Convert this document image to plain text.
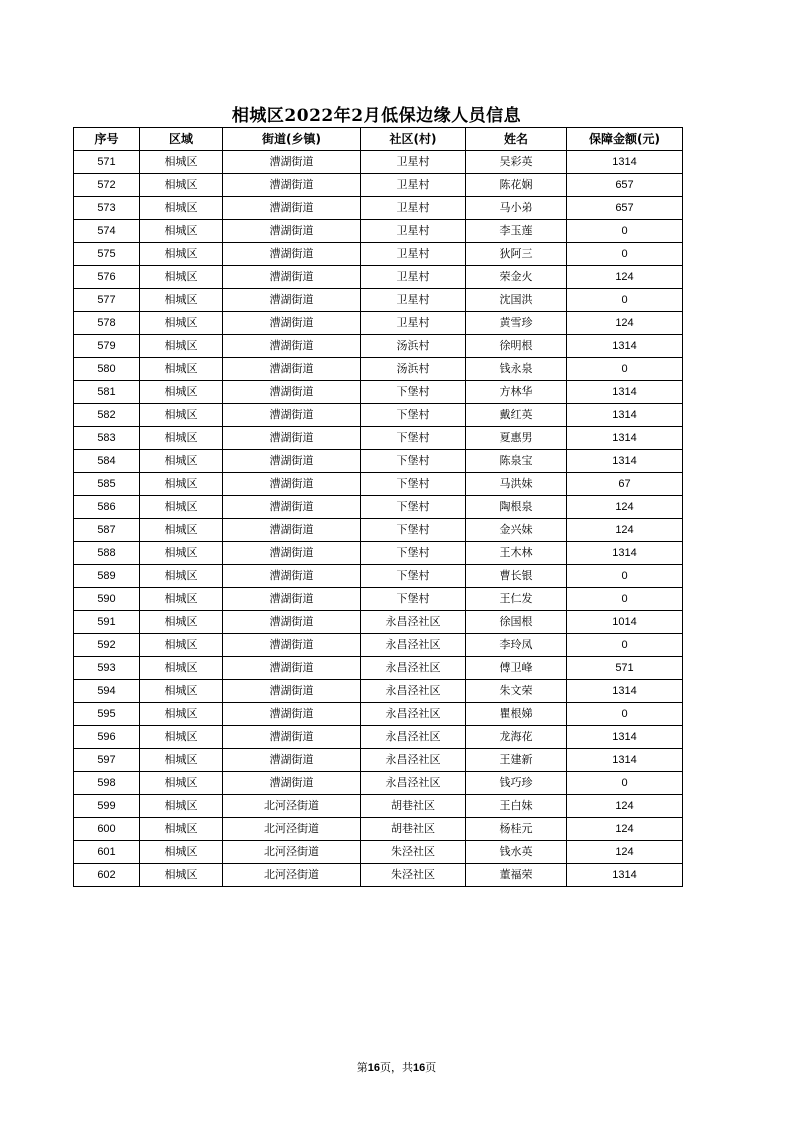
相城区2022年2月低保边缘人员信息
序号	区域	街道(乡镇)	社区(村)	姓名	保障金额(元)
571	相城区	漕湖街道	卫星村	吴彩英	1314
572	相城区	漕湖街道	卫星村	陈花娴	657
573	相城区	漕湖街道	卫星村	马小弟	657
574	相城区	漕湖街道	卫星村	李玉莲	0
575	相城区	漕湖街道	卫星村	狄阿三	0
576	相城区	漕湖街道	卫星村	荣金火	124
577	相城区	漕湖街道	卫星村	沈国洪	0
578	相城区	漕湖街道	卫星村	黄雪珍	124
579	相城区	漕湖街道	汤浜村	徐明根	1314
580	相城区	漕湖街道	汤浜村	钱永泉	0
581	相城区	漕湖街道	下堡村	方林华	1314
582	相城区	漕湖街道	下堡村	戴红英	1314
583	相城区	漕湖街道	下堡村	夏惠男	1314
584	相城区	漕湖街道	下堡村	陈泉宝	1314
585	相城区	漕湖街道	下堡村	马洪妹	67
586	相城区	漕湖街道	下堡村	陶根泉	124
587	相城区	漕湖街道	下堡村	金兴妹	124
588	相城区	漕湖街道	下堡村	王木林	1314
589	相城区	漕湖街道	下堡村	曹长银	0
590	相城区	漕湖街道	下堡村	王仁发	0
591	相城区	漕湖街道	永昌泾社区	徐国根	1014
592	相城区	漕湖街道	永昌泾社区	李玲凤	0
593	相城区	漕湖街道	永昌泾社区	傅卫峰	571
594	相城区	漕湖街道	永昌泾社区	朱文荣	1314
595	相城区	漕湖街道	永昌泾社区	瞿根娣	0
596	相城区	漕湖街道	永昌泾社区	龙海花	1314
597	相城区	漕湖街道	永昌泾社区	王建新	1314
598	相城区	漕湖街道	永昌泾社区	钱巧珍	0
599	相城区	北河泾街道	胡巷社区	王白妹	124
600	相城区	北河泾街道	胡巷社区	杨桂元	124
601	相城区	北河泾街道	朱泾社区	钱水英	124
602	相城区	北河泾街道	朱泾社区	董福荣	1314
第16页，共16页
